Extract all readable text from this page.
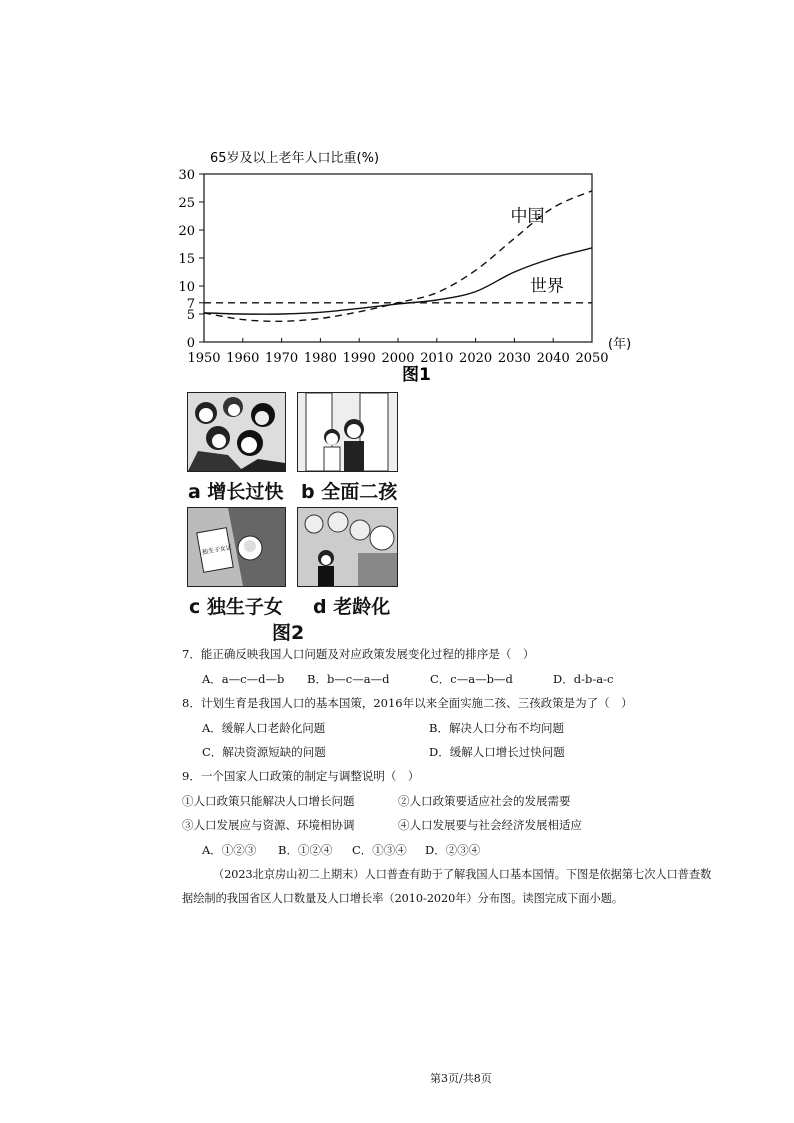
65岁及以上老年人口比重(%)
0
5
7
10
15
20
25
30
1950 1960 1970 1980 1990 2000 2010 2020 2030 2040 2050
中国
世界
(年)
图1
a 增长过快 b 全面二孩
独生子女证
c 独生子女 d 老龄化
图2
7．能正确反映我国人口问题及对应政策发展变化过程的排序是（　）
A．a—c—d—b B．b—c—a—d	C．c—a—b—d	D．d-b-a-c
8．计划生育是我国人口的基本国策，2016年以来全面实施二孩、三孩政策是为了（　）
A．缓解人口老龄化问题	B．解决人口分布不均问题
C．解决资源短缺的问题	D．缓解人口增长过快问题
9．一个国家人口政策的制定与调整说明（　）
①人口政策只能解决人口增长问题	②人口政策要适应社会的发展需要
③人口发展应与资源、环境相协调	④人口发展要与社会经济发展相适应
A．①②③ B．①②④ C．①③④ D．②③④
（2023北京房山初二上期末）人口普查有助于了解我国人口基本国情。下图是依据第七次人口普查数
据绘制的我国省区人口数量及人口增长率（2010-2020年）分布图。读图完成下面小题。
第3页/共8页
